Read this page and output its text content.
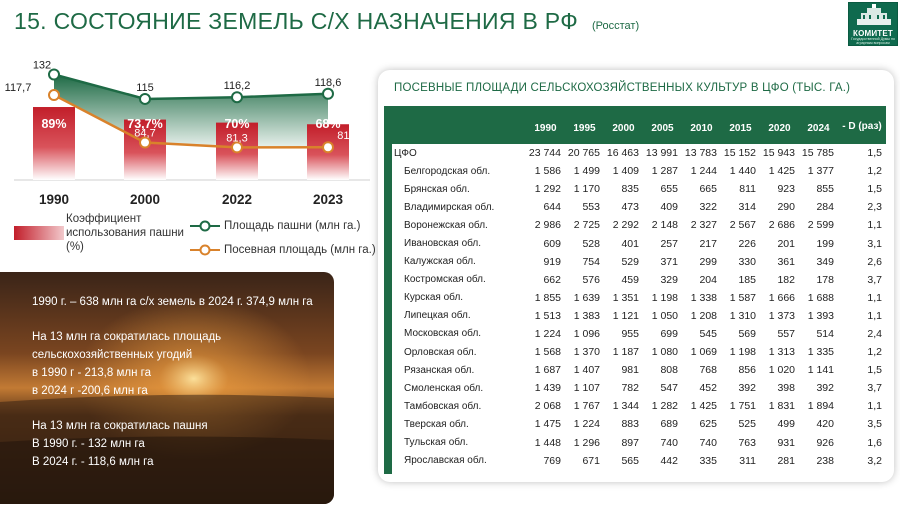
15. СОСТОЯНИЕ ЗЕМЕЛЬ С/Х НАЗНАЧЕНИЯ В РФ (Росстат)
КОМИТЕТ
Государственной Думы по аграрным вопросам
132
115	116,2	118,6
117,7
84,7	81,3	81,4
89%	73,7%	70%	68%
1990	2000	2022	2023
Коэффициент использования пашни (%)
Площадь пашни (млн га.)
Посевная площадь (млн га.)
1990 г. – 638 млн га с/х земель в 2024 г. 374,9 млн га
На 13 млн га сократилась площадь
сельскохозяйственных угодий
в 1990 г - 213,8 млн га
в 2024 г -200,6 млн га
На 13 млн га сократилась пашня
В 1990 г. - 132 млн га
В 2024 г. - 118,6 млн га
ПОСЕВНЫЕ ПЛОЩАДИ СЕЛЬСКОХОЗЯЙСТВЕННЫХ КУЛЬТУР В ЦФО (ТЫС. ГА.)
	1990	1995	2000	2005	2010	2015	2020	2024	- D (раз)
ЦФО	23 744	20 765	16 463	13 991	13 783	15 152	15 943	15 785	1,5
Белгородская обл.	1 586	1 499	1 409	1 287	1 244	1 440	1 425	1 377	1,2
Брянская обл.	1 292	1 170	835	655	665	811	923	855	1,5
Владимирская обл.	644	553	473	409	322	314	290	284	2,3
Воронежская обл.	2 986	2 725	2 292	2 148	2 327	2 567	2 686	2 599	1,1
Ивановская обл.	609	528	401	257	217	226	201	199	3,1
Калужская обл.	919	754	529	371	299	330	361	349	2,6
Костромская обл.	662	576	459	329	204	185	182	178	3,7
Курская обл.	1 855	1 639	1 351	1 198	1 338	1 587	1 666	1 688	1,1
Липецкая обл.	1 513	1 383	1 121	1 050	1 208	1 310	1 373	1 393	1,1
Московская обл.	1 224	1 096	955	699	545	569	557	514	2,4
Орловская обл.	1 568	1 370	1 187	1 080	1 069	1 198	1 313	1 335	1,2
Рязанская обл.	1 687	1 407	981	808	768	856	1 020	1 141	1,5
Смоленская обл.	1 439	1 107	782	547	452	392	398	392	3,7
Тамбовская обл.	2 068	1 767	1 344	1 282	1 425	1 751	1 831	1 894	1,1
Тверская обл.	1 475	1 224	883	689	625	525	499	420	3,5
Тульская обл.	1 448	1 296	897	740	740	763	931	926	1,6
Ярославская обл.	769	671	565	442	335	311	281	238	3,2
